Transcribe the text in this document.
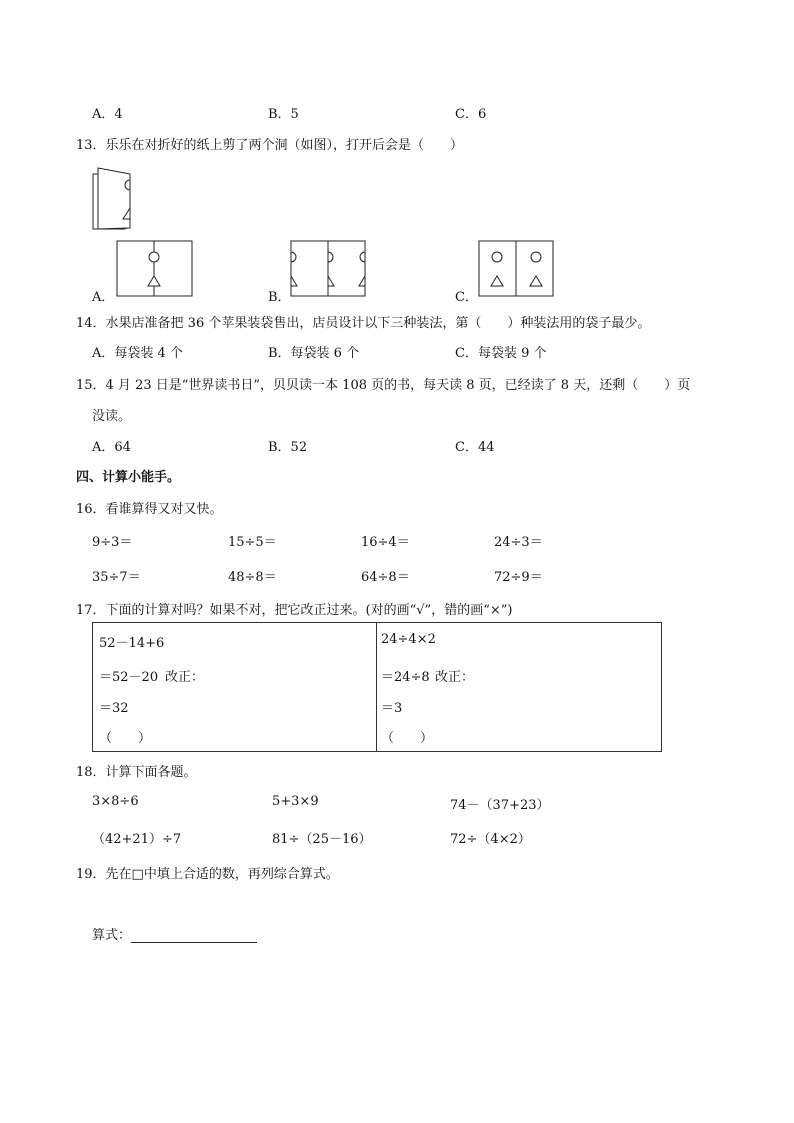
A．4	B．5	C．6
13．乐乐在对折好的纸上剪了两个洞（如图），打开后会是（　　）
A．	B．	C．
14．水果店准备把 36 个苹果装袋售出，店员设计以下三种装法，第（　　）种装法用的袋子最少。
A．每袋装 4 个	B．每袋装 6 个	C．每袋装 9 个
15．4 月 23 日是“世界读书日”，贝贝读一本 108 页的书，每天读 8 页，已经读了 8 天，还剩（　　）页
没读。
A．64	B．52	C．44
四、计算小能手。
16．看谁算得又对又快。
9÷3＝	15÷5＝	16÷4＝	24÷3＝
35÷7＝	48÷8＝	64÷8＝	72÷9＝
17．下面的计算对吗？如果不对，把它改正过来。(对的画“√”，错的画“×”)
52－14+6
＝52－20 改正：
＝32
（　　）
24÷4×2
＝24÷8 改正：
＝3
（　　）
18．计算下面各题。
3×8÷6	5+3×9	74－（37+23）
（42+21）÷7	81÷（25－16）	72÷（4×2）
19．先在□中填上合适的数，再列综合算式。
算式：
